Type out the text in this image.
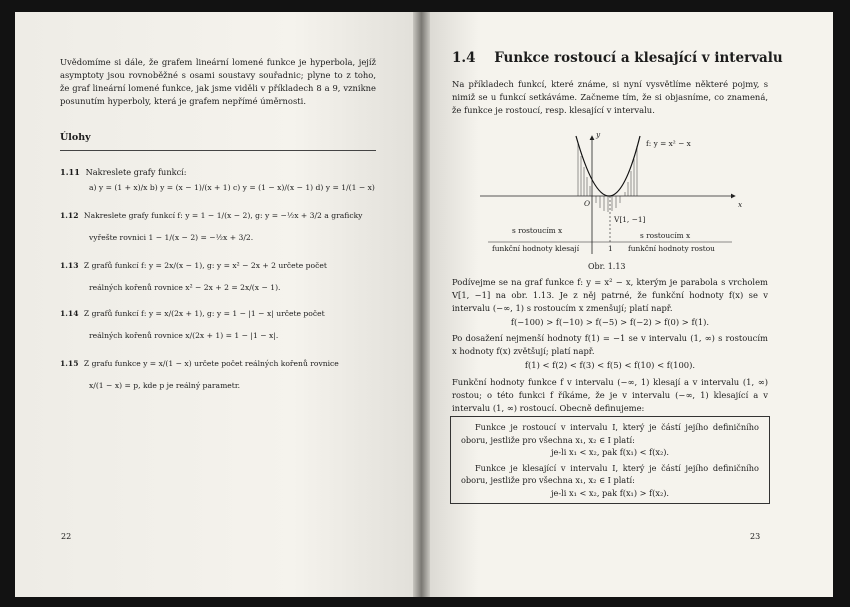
Uvědomíme si dále, že grafem lineární lomené funkce je hyperbola, jejíž asymptoty jsou rovnoběžné s osami soustavy souřadnic; plyne to z toho, že graf lineární lomené funkce, jak jsme viděli v příkladech 8 a 9, vznikne posunutím hyperboly, která je grafem nepřímé úměrnosti.
Úlohy
1.11 Nakreslete grafy funkcí:
a) y = (1 + x)/x b) y = (x − 1)/(x + 1) c) y = (1 − x)/(x − 1) d) y = 1/(1 − x)
1.12 Nakreslete grafy funkcí f: y = 1 − 1/(x − 2), g: y = −½x + 3/2 a graficky
vyřešte rovnici 1 − 1/(x − 2) = −½x + 3/2.
1.13 Z grafů funkcí f: y = 2x/(x − 1), g: y = x² − 2x + 2 určete počet
reálných kořenů rovnice x² − 2x + 2 = 2x/(x − 1).
1.14 Z grafů funkcí f: y = x/(2x + 1), g: y = 1 − |1 − x| určete počet
reálných kořenů rovnice x/(2x + 1) = 1 − |1 − x|.
1.15 Z grafu funkce y = x/(1 − x) určete počet reálných kořenů rovnice
x/(1 − x) = p, kde p je reálný parametr.
22
1.4 Funkce rostoucí a klesající v intervalu
Na příkladech funkcí, které známe, si nyní vysvětlíme některé pojmy, s nimiž se u funkcí setkáváme. Začneme tím, že si objasníme, co znamená, že funkce je rostoucí, resp. klesající v intervalu.
f: y = x² − x
y
x
O
V[1, −1]
s rostoucím x
funkční hodnoty klesají	1
s rostoucím x
funkční hodnoty rostou
Obr. 1.13
Podívejme se na graf funkce f: y = x² − x, kterým je parabola s vrcholem V[1, −1] na obr. 1.13. Je z něj patrné, že funkční hodnoty f(x) se v intervalu (−∞, 1) s rostoucím x zmenšují; platí např.
f(−100) > f(−10) > f(−5) > f(−2) > f(0) > f(1).
Po dosažení nejmenší hodnoty f(1) = −1 se v intervalu (1, ∞) s rostoucím x hodnoty f(x) zvětšují; platí např.
f(1) < f(2) < f(3) < f(5) < f(10) < f(100).
Funkční hodnoty funkce f v intervalu (−∞, 1) klesají a v intervalu (1, ∞) rostou; o této funkci f říkáme, že je v intervalu (−∞, 1) klesající a v intervalu (1, ∞) rostoucí. Obecně definujeme:

Funkce je rostoucí v intervalu I, který je částí jejího definičního oboru, jestliže pro všechna x₁, x₂ ∈ I platí:

je-li x₁ < x₂, pak f(x₁) < f(x₂).

Funkce je klesající v intervalu I, který je částí jejího definičního oboru, jestliže pro všechna x₁, x₂ ∈ I platí:

je-li x₁ < x₂, pak f(x₁) > f(x₂).

23
